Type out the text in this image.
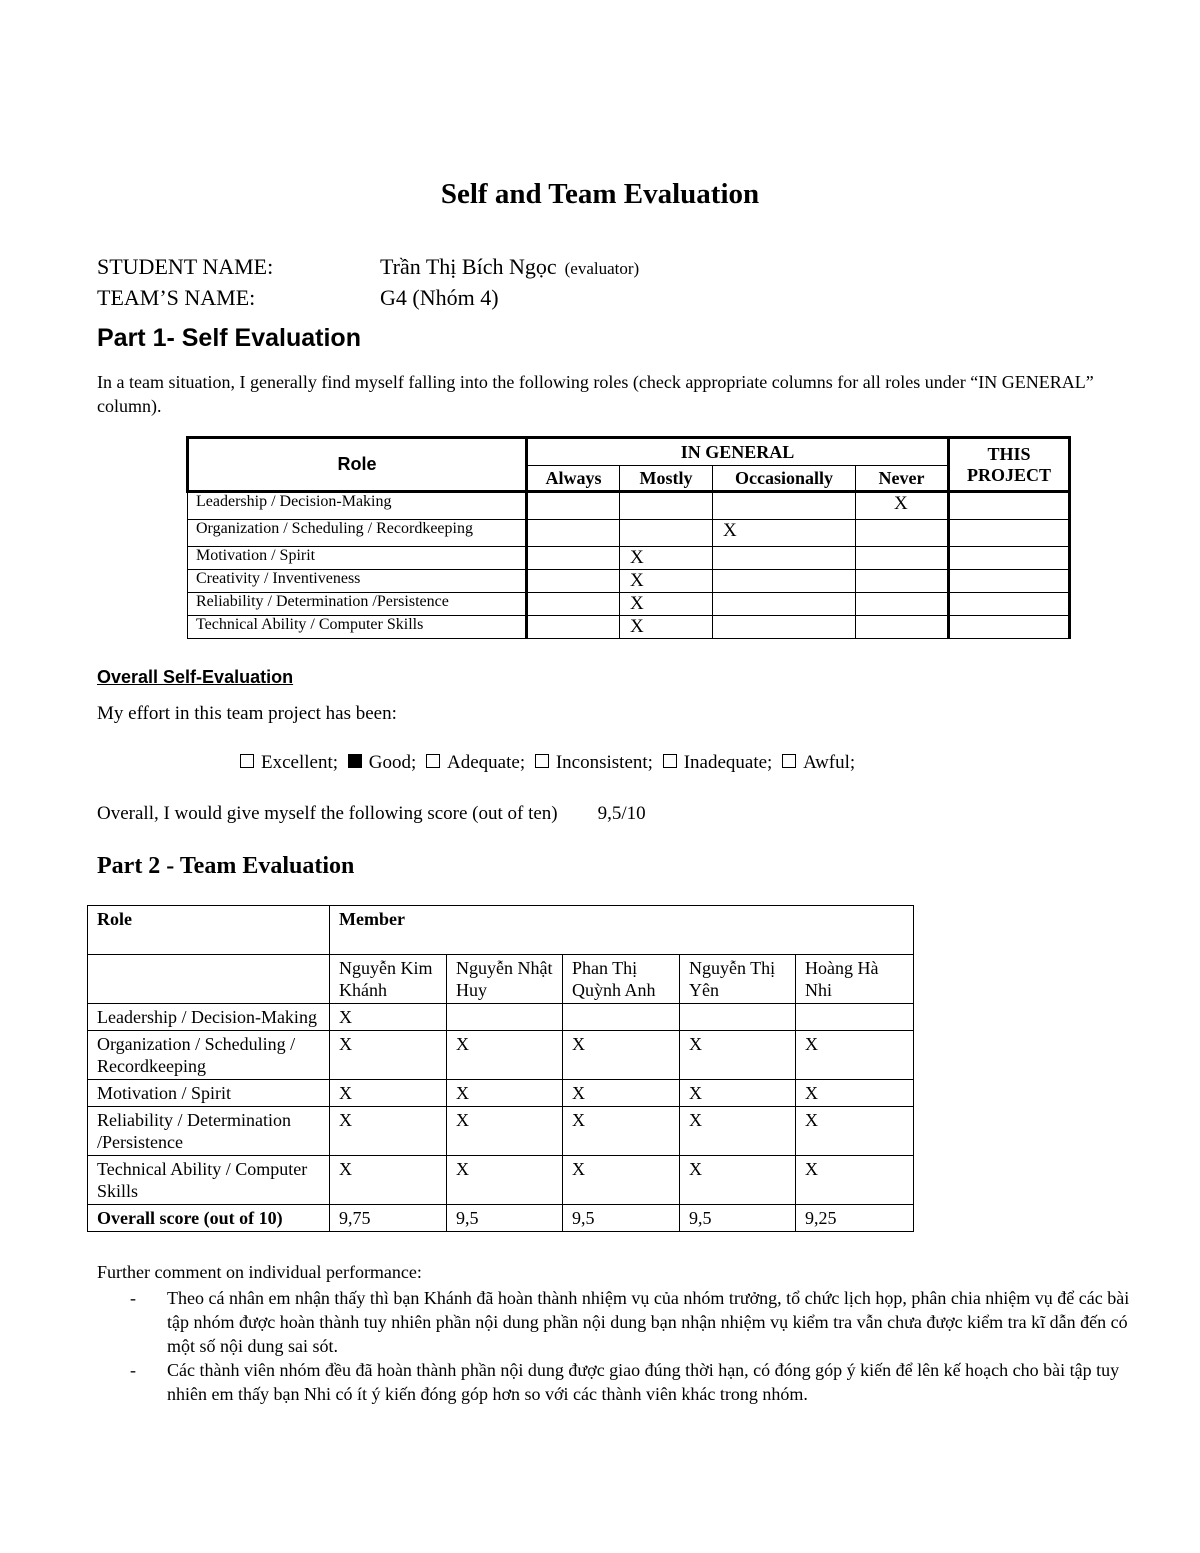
Self and Team Evaluation
STUDENT NAME:	Trần Thị Bích Ngọc (evaluator)
TEAM’S NAME:	G4 (Nhóm 4)
Part 1- Self Evaluation
In a team situation, I generally find myself falling into the following roles (check appropriate columns for all roles under “IN GENERAL” column).
Role	IN GENERAL				THIS PROJECT
	Always	Mostly	Occasionally	Never	
Leadership / Decision-Making				X	
Organization / Scheduling / Recordkeeping			X		
Motivation / Spirit		X			
Creativity / Inventiveness		X			
Reliability / Determination /Persistence		X			
Technical Ability / Computer Skills		X			
Overall Self-Evaluation
My effort in this team project has been:
Excellent; Good; Adequate; Inconsistent; Inadequate; Awful;
Overall, I would give myself the following score (out of ten) 9,5/10
Part 2 - Team Evaluation
Role	Member				
	Nguyễn Kim Khánh	Nguyễn Nhật Huy	Phan Thị Quỳnh Anh	Nguyễn Thị Yên	Hoàng Hà Nhi
Leadership / Decision-Making	X				
Organization / Scheduling / Recordkeeping	X	X	X	X	X
Motivation / Spirit	X	X	X	X	X
Reliability / Determination /Persistence	X	X	X	X	X
Technical Ability / Computer Skills	X	X	X	X	X
Overall score (out of 10)	9,75	9,5	9,5	9,5	9,25
Further comment on individual performance:
- Theo cá nhân em nhận thấy thì bạn Khánh đã hoàn thành nhiệm vụ của nhóm trưởng, tổ chức lịch họp, phân chia nhiệm vụ để các bài tập nhóm được hoàn thành tuy nhiên phần nội dung phần nội dung bạn nhận nhiệm vụ kiểm tra vẫn chưa được kiểm tra kĩ dẫn đến có một số nội dung sai sót.
- Các thành viên nhóm đều đã hoàn thành phần nội dung được giao đúng thời hạn, có đóng góp ý kiến để lên kế hoạch cho bài tập tuy nhiên em thấy bạn Nhi có ít ý kiến đóng góp hơn so với các thành viên khác trong nhóm.
